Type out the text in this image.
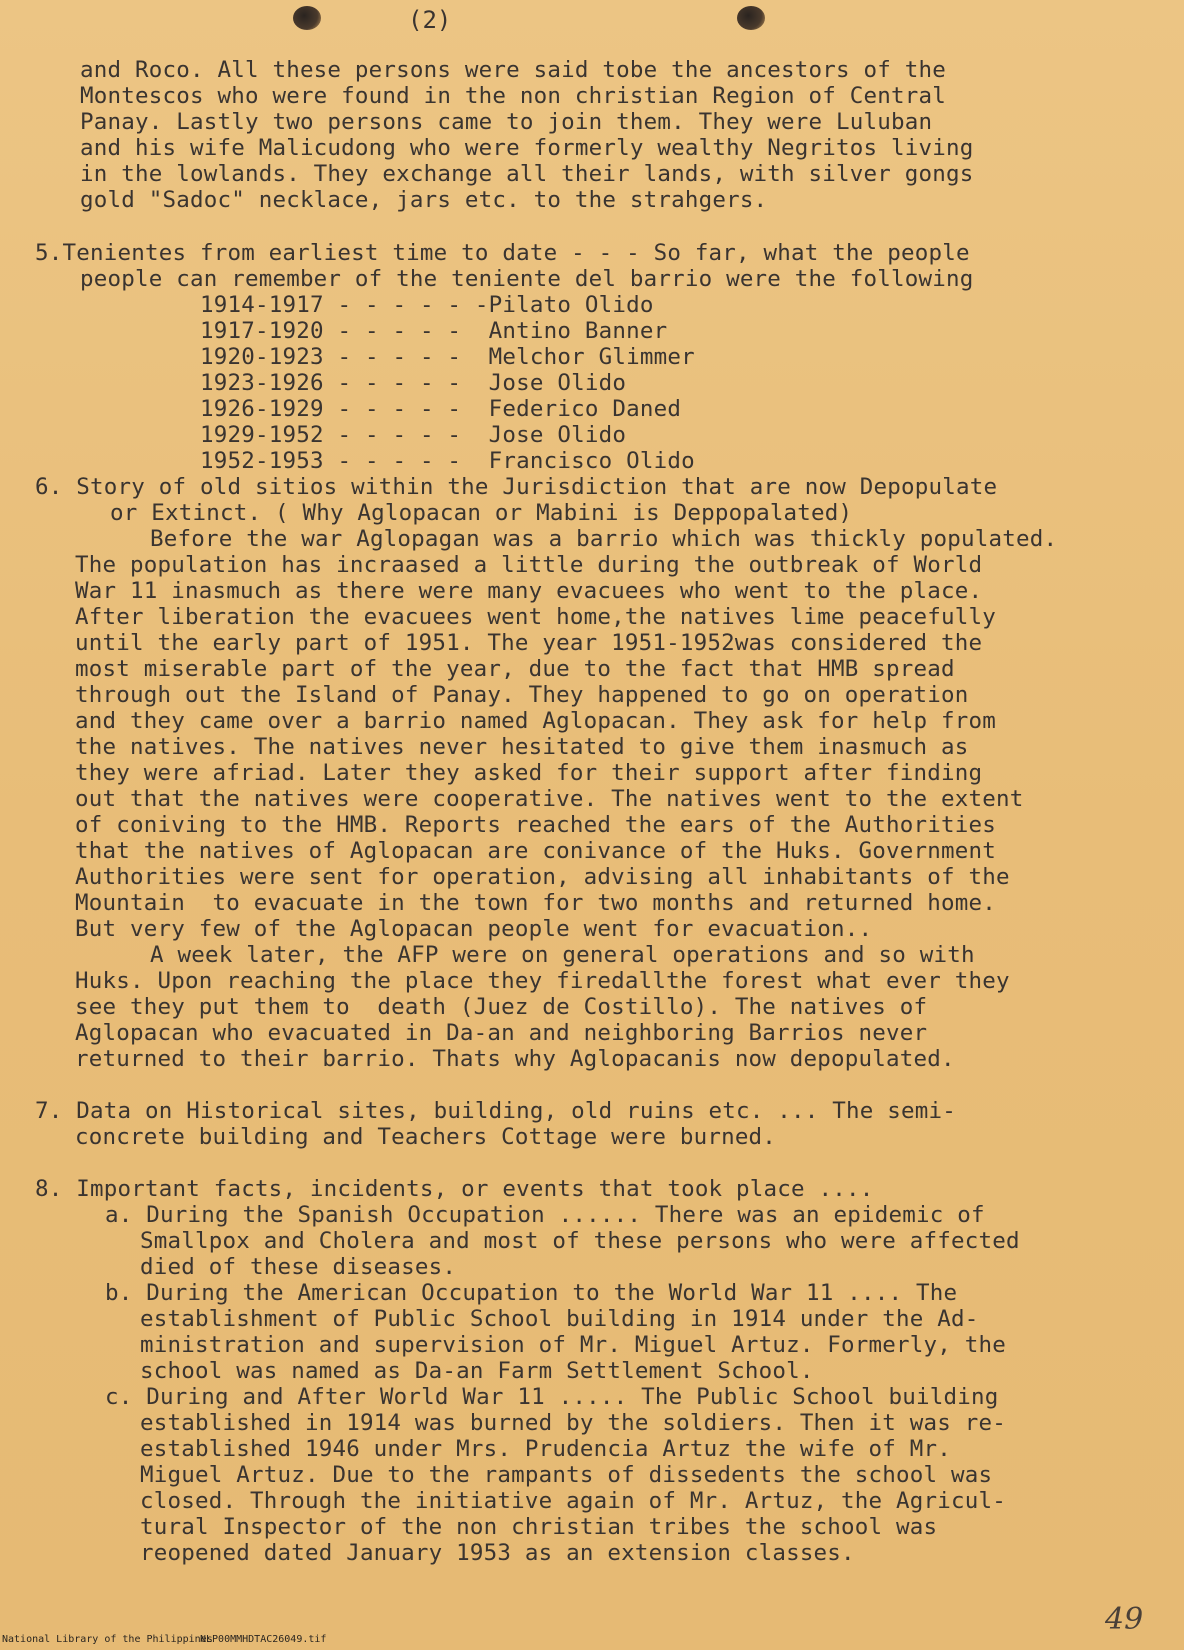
(2)
and Roco. All these persons were said tobe the ancestors of the
Montescos who were found in the non christian Region of Central
Panay. Lastly two persons came to join them. They were Luluban
and his wife Malicudong who were formerly wealthy Negritos living
in the lowlands. They exchange all their lands, with silver gongs
gold "Sadoc" necklace, jars etc. to the strahgers.
5.Tenientes from earliest time to date - - - So far, what the people
people can remember of the teniente del barrio were the following
1914-1917 - - - - - -Pilato Olido
1917-1920 - - - - -  Antino Banner
1920-1923 - - - - -  Melchor Glimmer
1923-1926 - - - - -  Jose Olido
1926-1929 - - - - -  Federico Daned
1929-1952 - - - - -  Jose Olido
1952-1953 - - - - -  Francisco Olido
6. Story of old sitios within the Jurisdiction that are now Depopulate
or Extinct. ( Why Aglopacan or Mabini is Deppopalated)
Before the war Aglopagan was a barrio which was thickly populated.
The population has incraased a little during the outbreak of World
War 11 inasmuch as there were many evacuees who went to the place.
After liberation the evacuees went home,the natives lime peacefully
until the early part of 1951. The year 1951-1952was considered the
most miserable part of the year, due to the fact that HMB spread
through out the Island of Panay. They happened to go on operation
and they came over a barrio named Aglopacan. They ask for help from
the natives. The natives never hesitated to give them inasmuch as
they were afriad. Later they asked for their support after finding
out that the natives were cooperative. The natives went to the extent
of coniving to the HMB. Reports reached the ears of the Authorities
that the natives of Aglopacan are conivance of the Huks. Government
Authorities were sent for operation, advising all inhabitants of the
Mountain  to evacuate in the town for two months and returned home.
But very few of the Aglopacan people went for evacuation..
A week later, the AFP were on general operations and so with
Huks. Upon reaching the place they firedallthe forest what ever they
see they put them to  death (Juez de Costillo). The natives of
Aglopacan who evacuated in Da-an and neighboring Barrios never
returned to their barrio. Thats why Aglopacanis now depopulated.
7. Data on Historical sites, building, old ruins etc. ... The semi-
concrete building and Teachers Cottage were burned.
8. Important facts, incidents, or events that took place ....
a. During the Spanish Occupation ...... There was an epidemic of
Smallpox and Cholera and most of these persons who were affected
died of these diseases.
b. During the American Occupation to the World War 11 .... The
establishment of Public School building in 1914 under the Ad-
ministration and supervision of Mr. Miguel Artuz. Formerly, the
school was named as Da-an Farm Settlement School.
c. During and After World War 11 ..... The Public School building
established in 1914 was burned by the soldiers. Then it was re-
established 1946 under Mrs. Prudencia Artuz the wife of Mr.
Miguel Artuz. Due to the rampants of dissedents the school was
closed. Through the initiative again of Mr. Artuz, the Agricul-
tural Inspector of the non christian tribes the school was
reopened dated January 1953 as an extension classes.
49
National Library of the Philippines
NLP00MMHDTAC26049.tif
